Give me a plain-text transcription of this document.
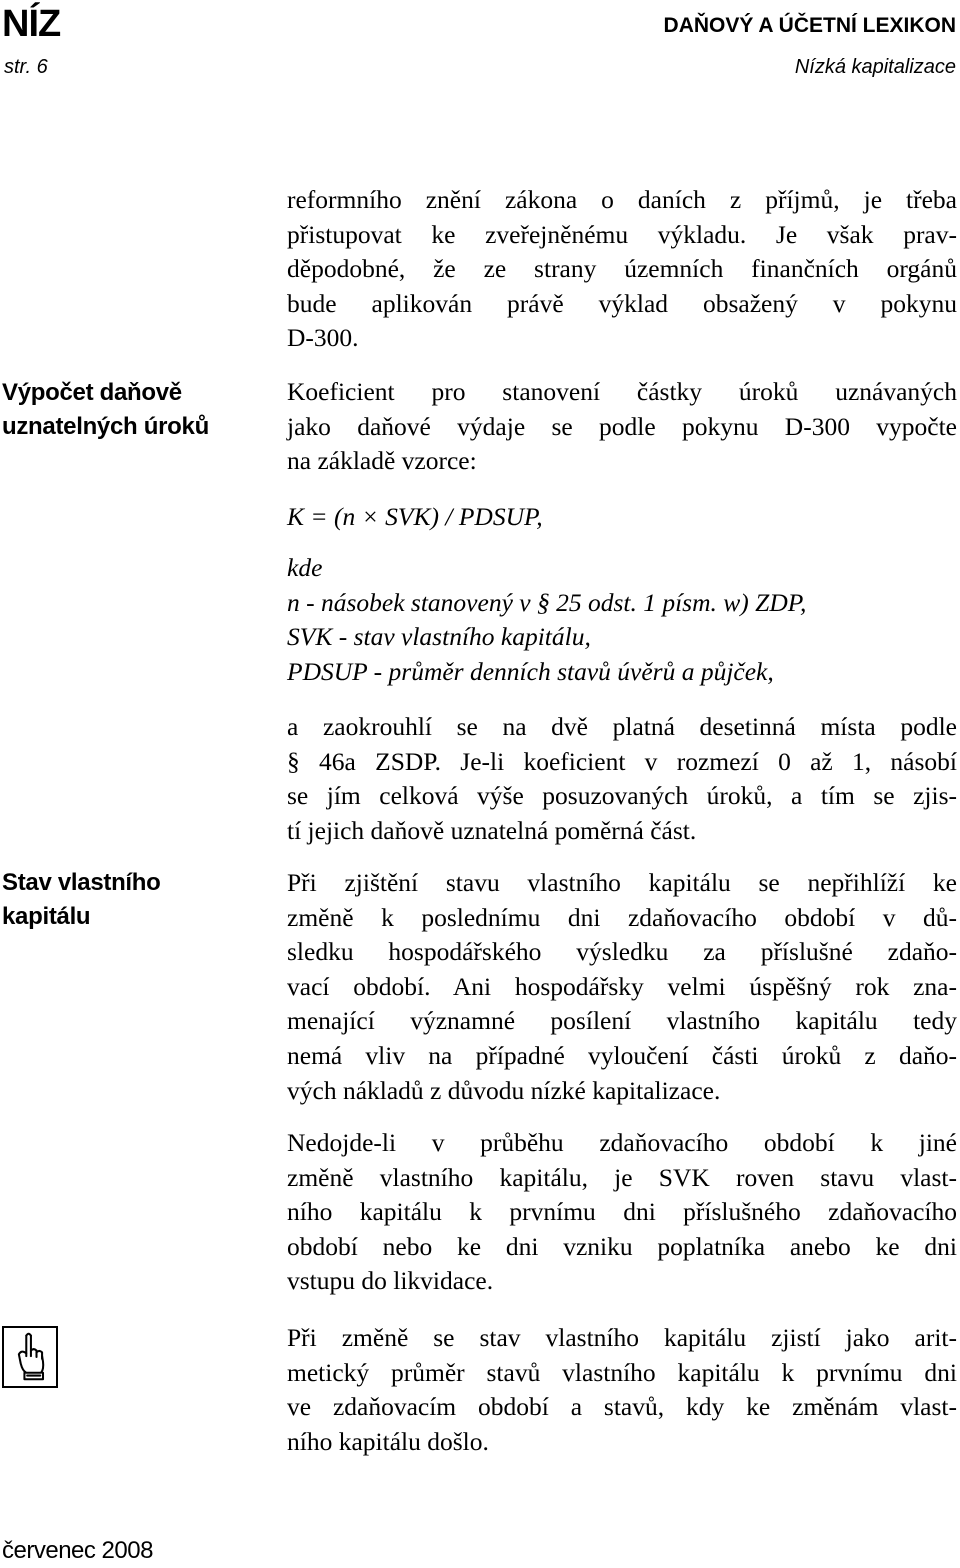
NÍZ	DAŇOVÝ A ÚČETNÍ LEXIKON
str. 6	Nízká kapitalizace
Výpočet daňově
uznatelných úroků
Stav vlastního
kapitálu
reformního znění zákona o daních z příjmů, je třeba
přistupovat ke zveřejněnému výkladu. Je však prav-
děpodobné, že ze strany územních finančních orgánů
bude aplikován právě výklad obsažený v pokynu
D-300.
Koeficient pro stanovení částky úroků uznávaných
jako daňové výdaje se podle pokynu D-300 vypočte
na základě vzorce:
K = (n × SVK) / PDSUP,
kde
n - násobek stanovený v § 25 odst. 1 písm. w) ZDP,
SVK - stav vlastního kapitálu,
PDSUP - průměr denních stavů úvěrů a půjček,
a zaokrouhlí se na dvě platná desetinná místa podle
§ 46a ZSDP. Je-li koeficient v rozmezí 0 až 1, násobí
se jím celková výše posuzovaných úroků, a tím se zjis-
tí jejich daňově uznatelná poměrná část.
Při zjištění stavu vlastního kapitálu se nepřihlíží ke
změně k poslednímu dni zdaňovacího období v dů-
sledku hospodářského výsledku za příslušné zdaňo-
vací období. Ani hospodářsky velmi úspěšný rok zna-
menající významné posílení vlastního kapitálu tedy
nemá vliv na případné vyloučení části úroků z daňo-
vých nákladů z důvodu nízké kapitalizace.
Nedojde-li v průběhu zdaňovacího období k jiné
změně vlastního kapitálu, je SVK roven stavu vlast-
ního kapitálu k prvnímu dni příslušného zdaňovacího
období nebo ke dni vzniku poplatníka anebo ke dni
vstupu do likvidace.
Při změně se stav vlastního kapitálu zjistí jako arit-
metický průměr stavů vlastního kapitálu k prvnímu dni
ve zdaňovacím období a stavů, kdy ke změnám vlast-
ního kapitálu došlo.
červenec 2008
